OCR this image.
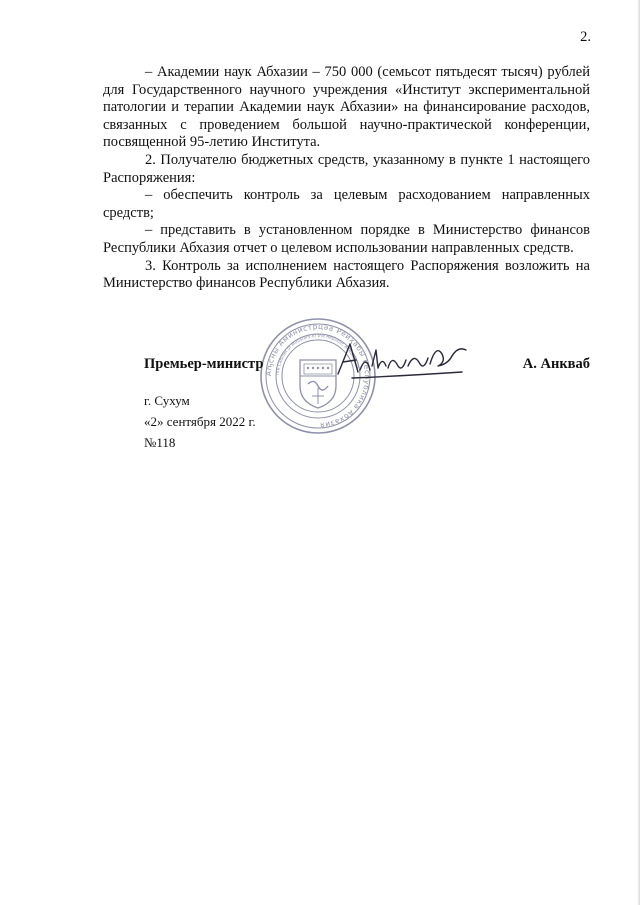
2.

– Академии наук Абхазии – 750 000 (семьсот пятьдесят тысяч) рублей для Государственного научного учреждения «Институт экспериментальной патологии и терапии Академии наук Абхазии» на финансирование расходов, связанных с проведением большой научно-практической конференции, посвященной 95-летию Института.

2. Получателю бюджетных средств, указанному в пункте 1 настоящего Распоряжения:

– обеспечить контроль за целевым расходованием направленных средств;

– представить в установленном порядке в Министерство финансов Республики Абхазия отчет о целевом использовании направленных средств.

3. Контроль за исполнением настоящего Распоряжения возложить на Министерство финансов Республики Абхазия.

Аҧсны Аминистрцәа Реиҳабы Республика Абхазия
The Cabinet of Ministers of the Republic of Abkhazia
Премьер-министр	А. Анкваб
г. Сухум
«2» сентября 2022 г.
№118
